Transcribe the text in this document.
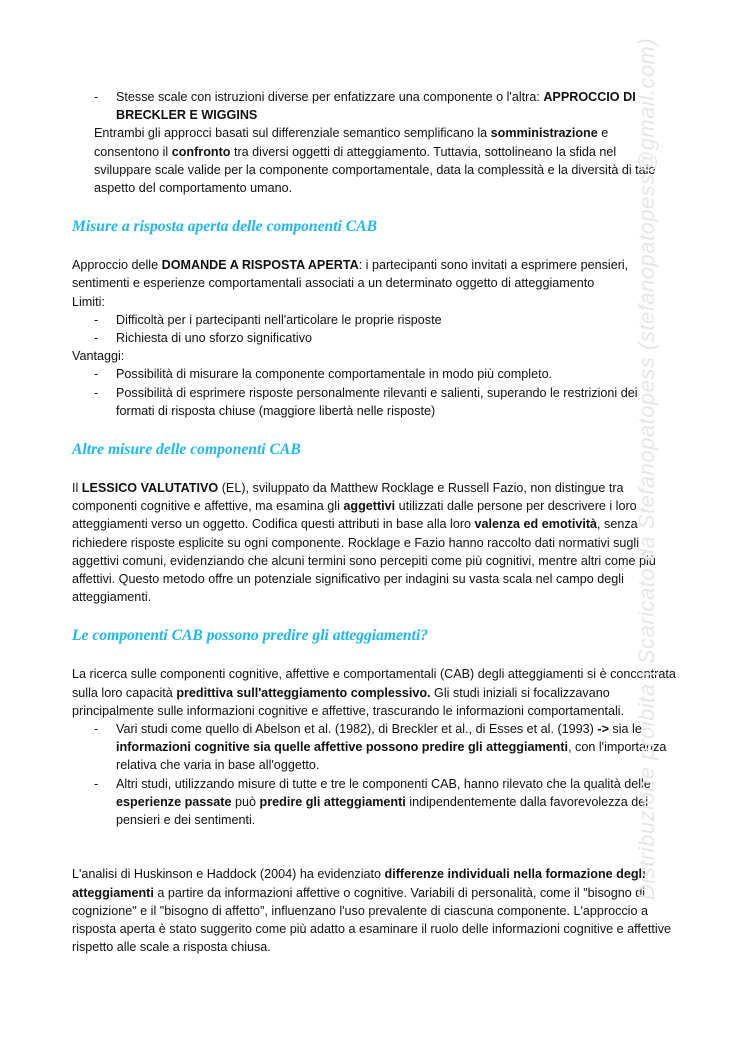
- Stesse scale con istruzioni diverse per enfatizzare una componente o l'altra: APPROCCIO DI BRECKLER E WIGGINS

Entrambi gli approcci basati sul differenziale semantico semplificano la somministrazione e consentono il confronto tra diversi oggetti di atteggiamento. Tuttavia, sottolineano la sfida nel sviluppare scale valide per la componente comportamentale, data la complessità e la diversità di tale aspetto del comportamento umano.

Misure a risposta aperta delle componenti CAB

Approccio delle DOMANDE A RISPOSTA APERTA: i partecipanti sono invitati a esprimere pensieri, sentimenti e esperienze comportamentali associati a un determinato oggetto di atteggiamento

Limiti:

- Difficoltà per i partecipanti nell'articolare le proprie risposte

- Richiesta di uno sforzo significativo

Vantaggi:

- Possibilità di misurare la componente comportamentale in modo più completo.

- Possibilità di esprimere risposte personalmente rilevanti e salienti, superando le restrizioni dei formati di risposta chiuse (maggiore libertà nelle risposte)

Altre misure delle componenti CAB

Il LESSICO VALUTATIVO (EL), sviluppato da Matthew Rocklage e Russell Fazio, non distingue tra componenti cognitive e affettive, ma esamina gli aggettivi utilizzati dalle persone per descrivere i loro atteggiamenti verso un oggetto. Codifica questi attributi in base alla loro valenza ed emotività, senza richiedere risposte esplicite su ogni componente. Rocklage e Fazio hanno raccolto dati normativi sugli aggettivi comuni, evidenziando che alcuni termini sono percepiti come più cognitivi, mentre altri come più affettivi. Questo metodo offre un potenziale significativo per indagini su vasta scala nel campo degli atteggiamenti.

Le componenti CAB possono predire gli atteggiamenti?

La ricerca sulle componenti cognitive, affettive e comportamentali (CAB) degli atteggiamenti si è concentrata sulla loro capacità predittiva sull'atteggiamento complessivo. Gli studi iniziali si focalizzavano principalmente sulle informazioni cognitive e affettive, trascurando le informazioni comportamentali.

- Vari studi come quello di Abelson et al. (1982), di Breckler et al., di Esses et al. (1993) -> sia le informazioni cognitive sia quelle affettive possono predire gli atteggiamenti, con l'importanza relativa che varia in base all'oggetto.

- Altri studi, utilizzando misure di tutte e tre le componenti CAB, hanno rilevato che la qualità delle esperienze passate può predire gli atteggiamenti indipendentemente dalla favorevolezza dei pensieri e dei sentimenti.

L'analisi di Huskinson e Haddock (2004) ha evidenziato differenze individuali nella formazione degli atteggiamenti a partire da informazioni affettive o cognitive. Variabili di personalità, come il "bisogno di cognizione" e il "bisogno di affetto", influenzano l'uso prevalente di ciascuna componente. L'approccio a risposta aperta è stato suggerito come più adatto a esaminare il ruolo delle informazioni cognitive e affettive rispetto alle scale a risposta chiusa.

Distribuzione proibita | Scaricato da Stefanopatopess (stefanopatopess@gmail.com)
